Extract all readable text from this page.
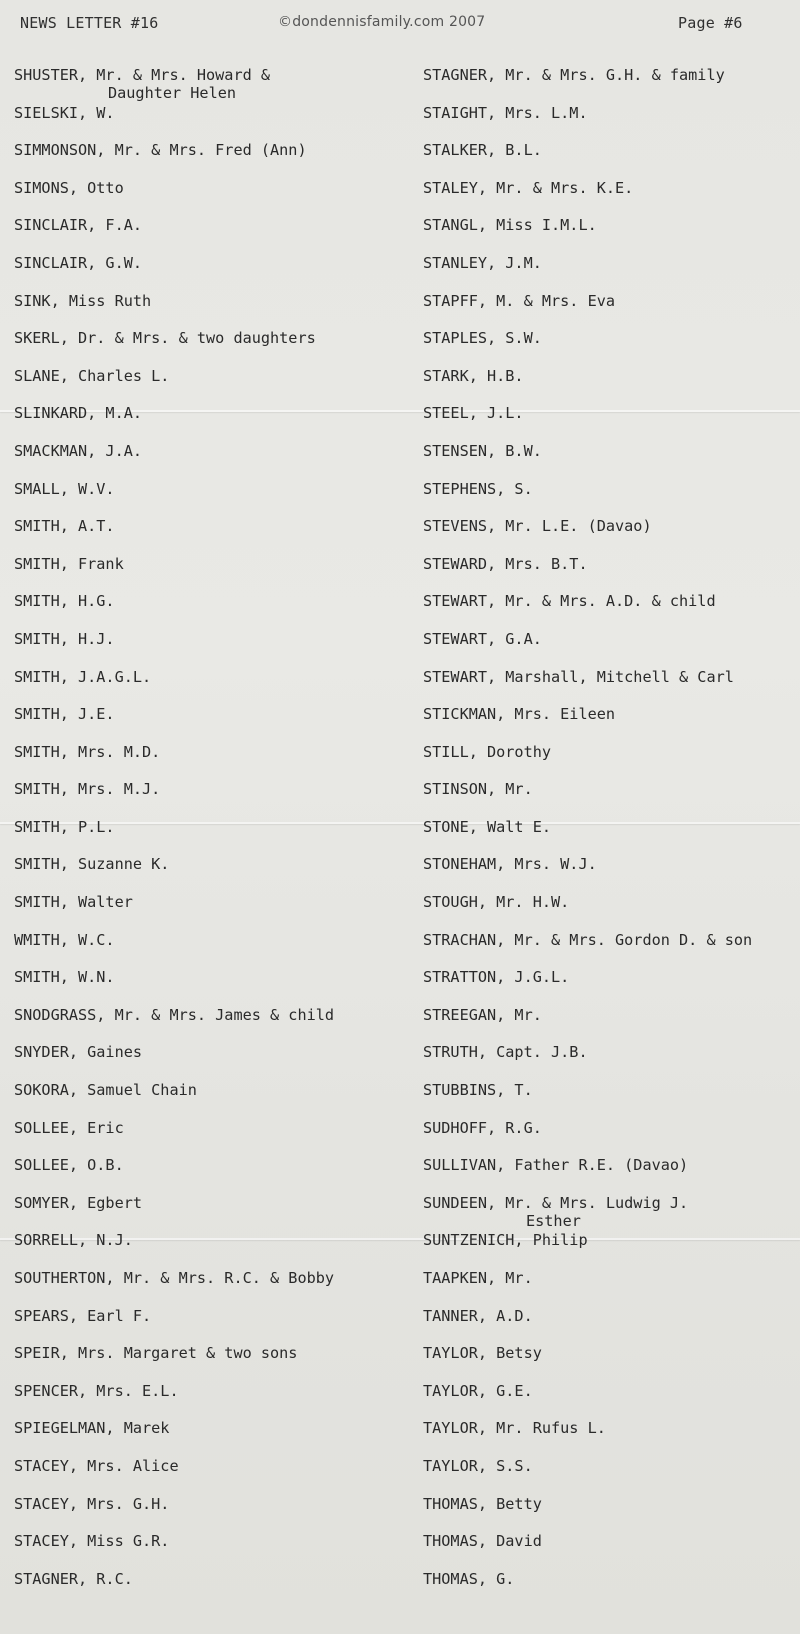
NEWS LETTER #16	©dondennisfamily.com 2007	Page #6
SHUSTER, Mr. & Mrs. Howard &
Daughter Helen
SIELSKI, W.
SIMMONSON, Mr. & Mrs. Fred (Ann)
SIMONS, Otto
SINCLAIR, F.A.
SINCLAIR, G.W.
SINK, Miss Ruth
SKERL, Dr. & Mrs. & two daughters
SLANE, Charles L.
SLINKARD, M.A.
SMACKMAN, J.A.
SMALL, W.V.
SMITH, A.T.
SMITH, Frank
SMITH, H.G.
SMITH, H.J.
SMITH, J.A.G.L.
SMITH, J.E.
SMITH, Mrs. M.D.
SMITH, Mrs. M.J.
SMITH, P.L.
SMITH, Suzanne K.
SMITH, Walter
WMITH, W.C.
SMITH, W.N.
SNODGRASS, Mr. & Mrs. James & child
SNYDER, Gaines
SOKORA, Samuel Chain
SOLLEE, Eric
SOLLEE, O.B.
SOMYER, Egbert
SORRELL, N.J.
SOUTHERTON, Mr. & Mrs. R.C. & Bobby
SPEARS, Earl F.
SPEIR, Mrs. Margaret & two sons
SPENCER, Mrs. E.L.
SPIEGELMAN, Marek
STACEY, Mrs. Alice
STACEY, Mrs. G.H.
STACEY, Miss G.R.
STAGNER, R.C.
STAGNER, Mr. & Mrs. G.H. & family
STAIGHT, Mrs. L.M.
STALKER, B.L.
STALEY, Mr. & Mrs. K.E.
STANGL, Miss I.M.L.
STANLEY, J.M.
STAPFF, M. & Mrs. Eva
STAPLES, S.W.
STARK, H.B.
STEEL, J.L.
STENSEN, B.W.
STEPHENS, S.
STEVENS, Mr. L.E. (Davao)
STEWARD, Mrs. B.T.
STEWART, Mr. & Mrs. A.D. & child
STEWART, G.A.
STEWART, Marshall, Mitchell & Carl
STICKMAN, Mrs. Eileen
STILL, Dorothy
STINSON, Mr.
STONE, Walt E.
STONEHAM, Mrs. W.J.
STOUGH, Mr. H.W.
STRACHAN, Mr. & Mrs. Gordon D. & son
STRATTON, J.G.L.
STREEGAN, Mr.
STRUTH, Capt. J.B.
STUBBINS, T.
SUDHOFF, R.G.
SULLIVAN, Father R.E. (Davao)
SUNDEEN, Mr. & Mrs. Ludwig J.
Esther
SUNTZENICH, Philip
TAAPKEN, Mr.
TANNER, A.D.
TAYLOR, Betsy
TAYLOR, G.E.
TAYLOR, Mr. Rufus L.
TAYLOR, S.S.
THOMAS, Betty
THOMAS, David
THOMAS, G.
